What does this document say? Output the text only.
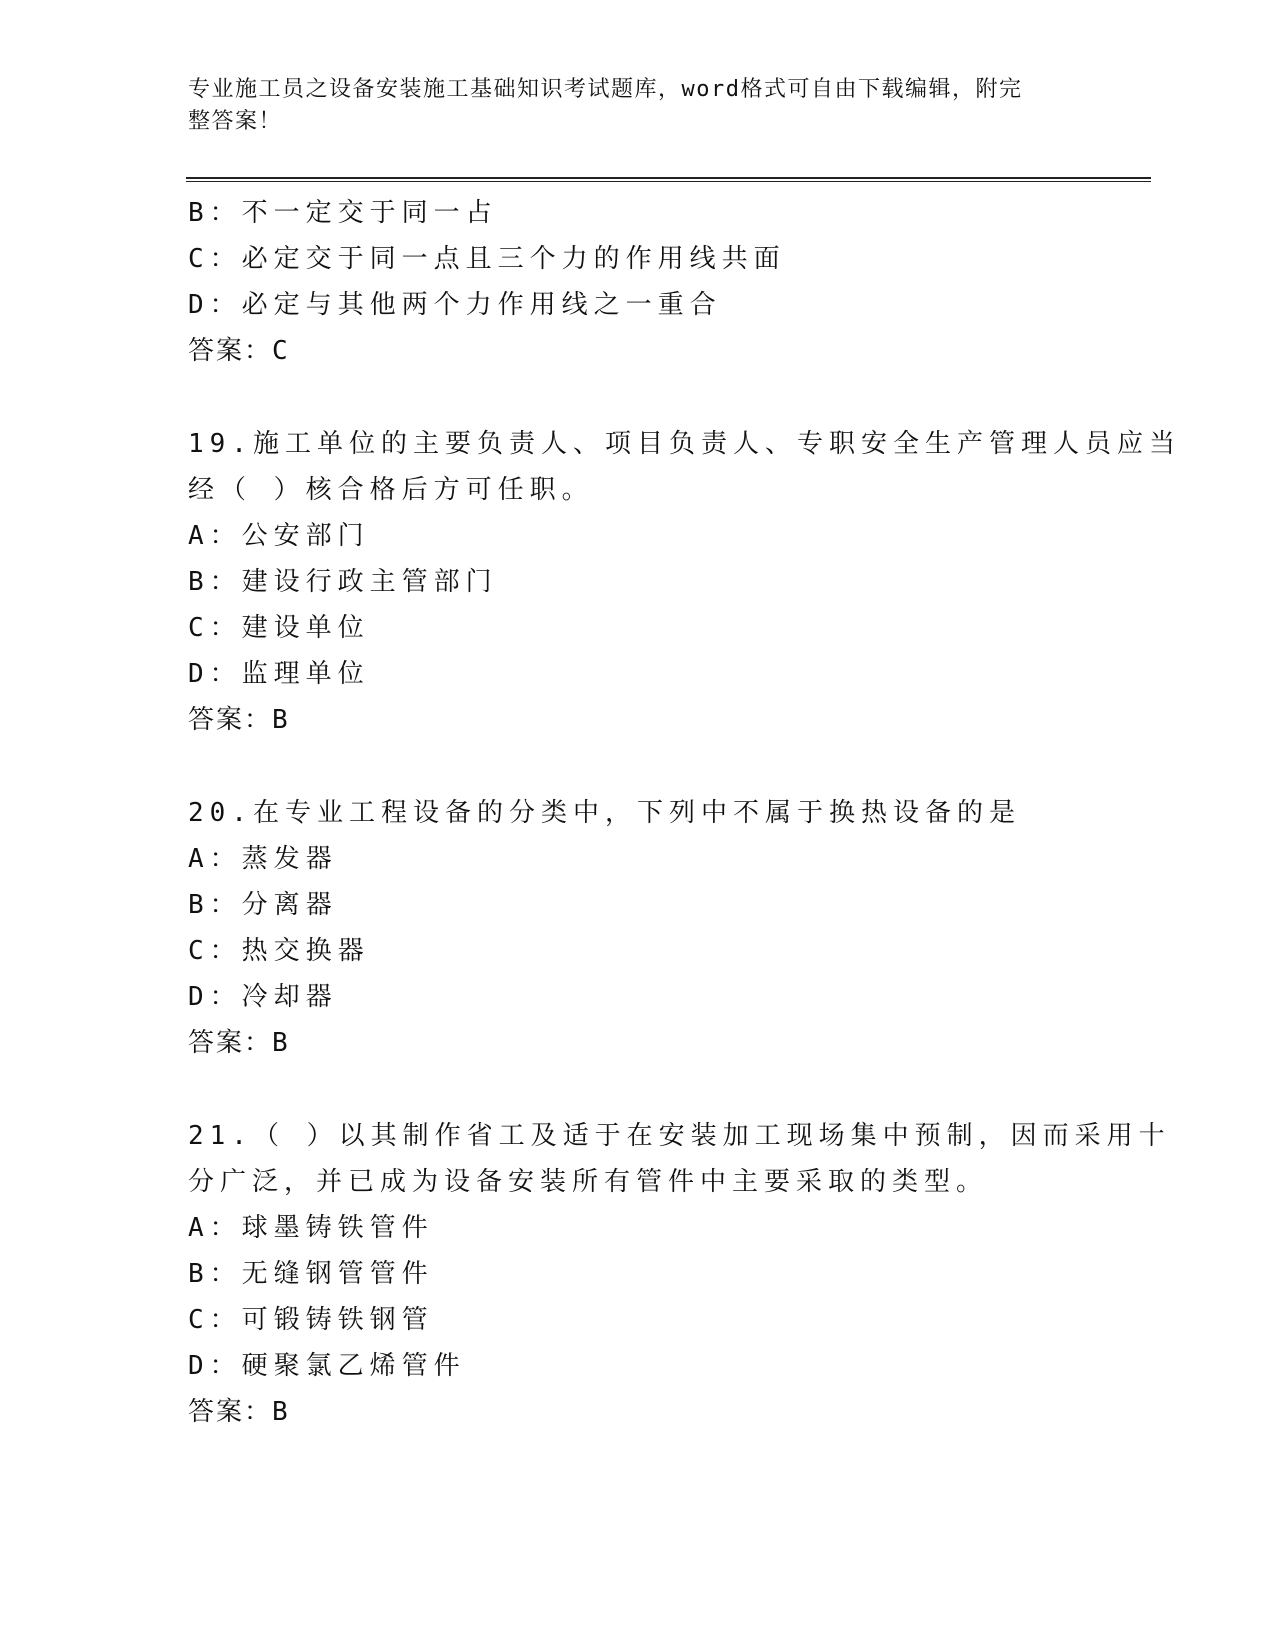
专业施工员之设备安装施工基础知识考试题库，word格式可自由下载编辑，附完
整答案！
B：不一定交于同一占
C：必定交于同一点且三个力的作用线共面
D：必定与其他两个力作用线之一重合
答案：C
19.施工单位的主要负责人、项目负责人、专职安全生产管理人员应当
经（ ）核合格后方可任职。
A：公安部门
B：建设行政主管部门
C：建设单位
D：监理单位
答案：B
20.在专业工程设备的分类中，下列中不属于换热设备的是
A：蒸发器
B：分离器
C：热交换器
D：冷却器
答案：B
21.（ ）以其制作省工及适于在安装加工现场集中预制，因而采用十
分广泛，并已成为设备安装所有管件中主要采取的类型。
A：球墨铸铁管件
B：无缝钢管管件
C：可锻铸铁钢管
D：硬聚氯乙烯管件
答案：B
